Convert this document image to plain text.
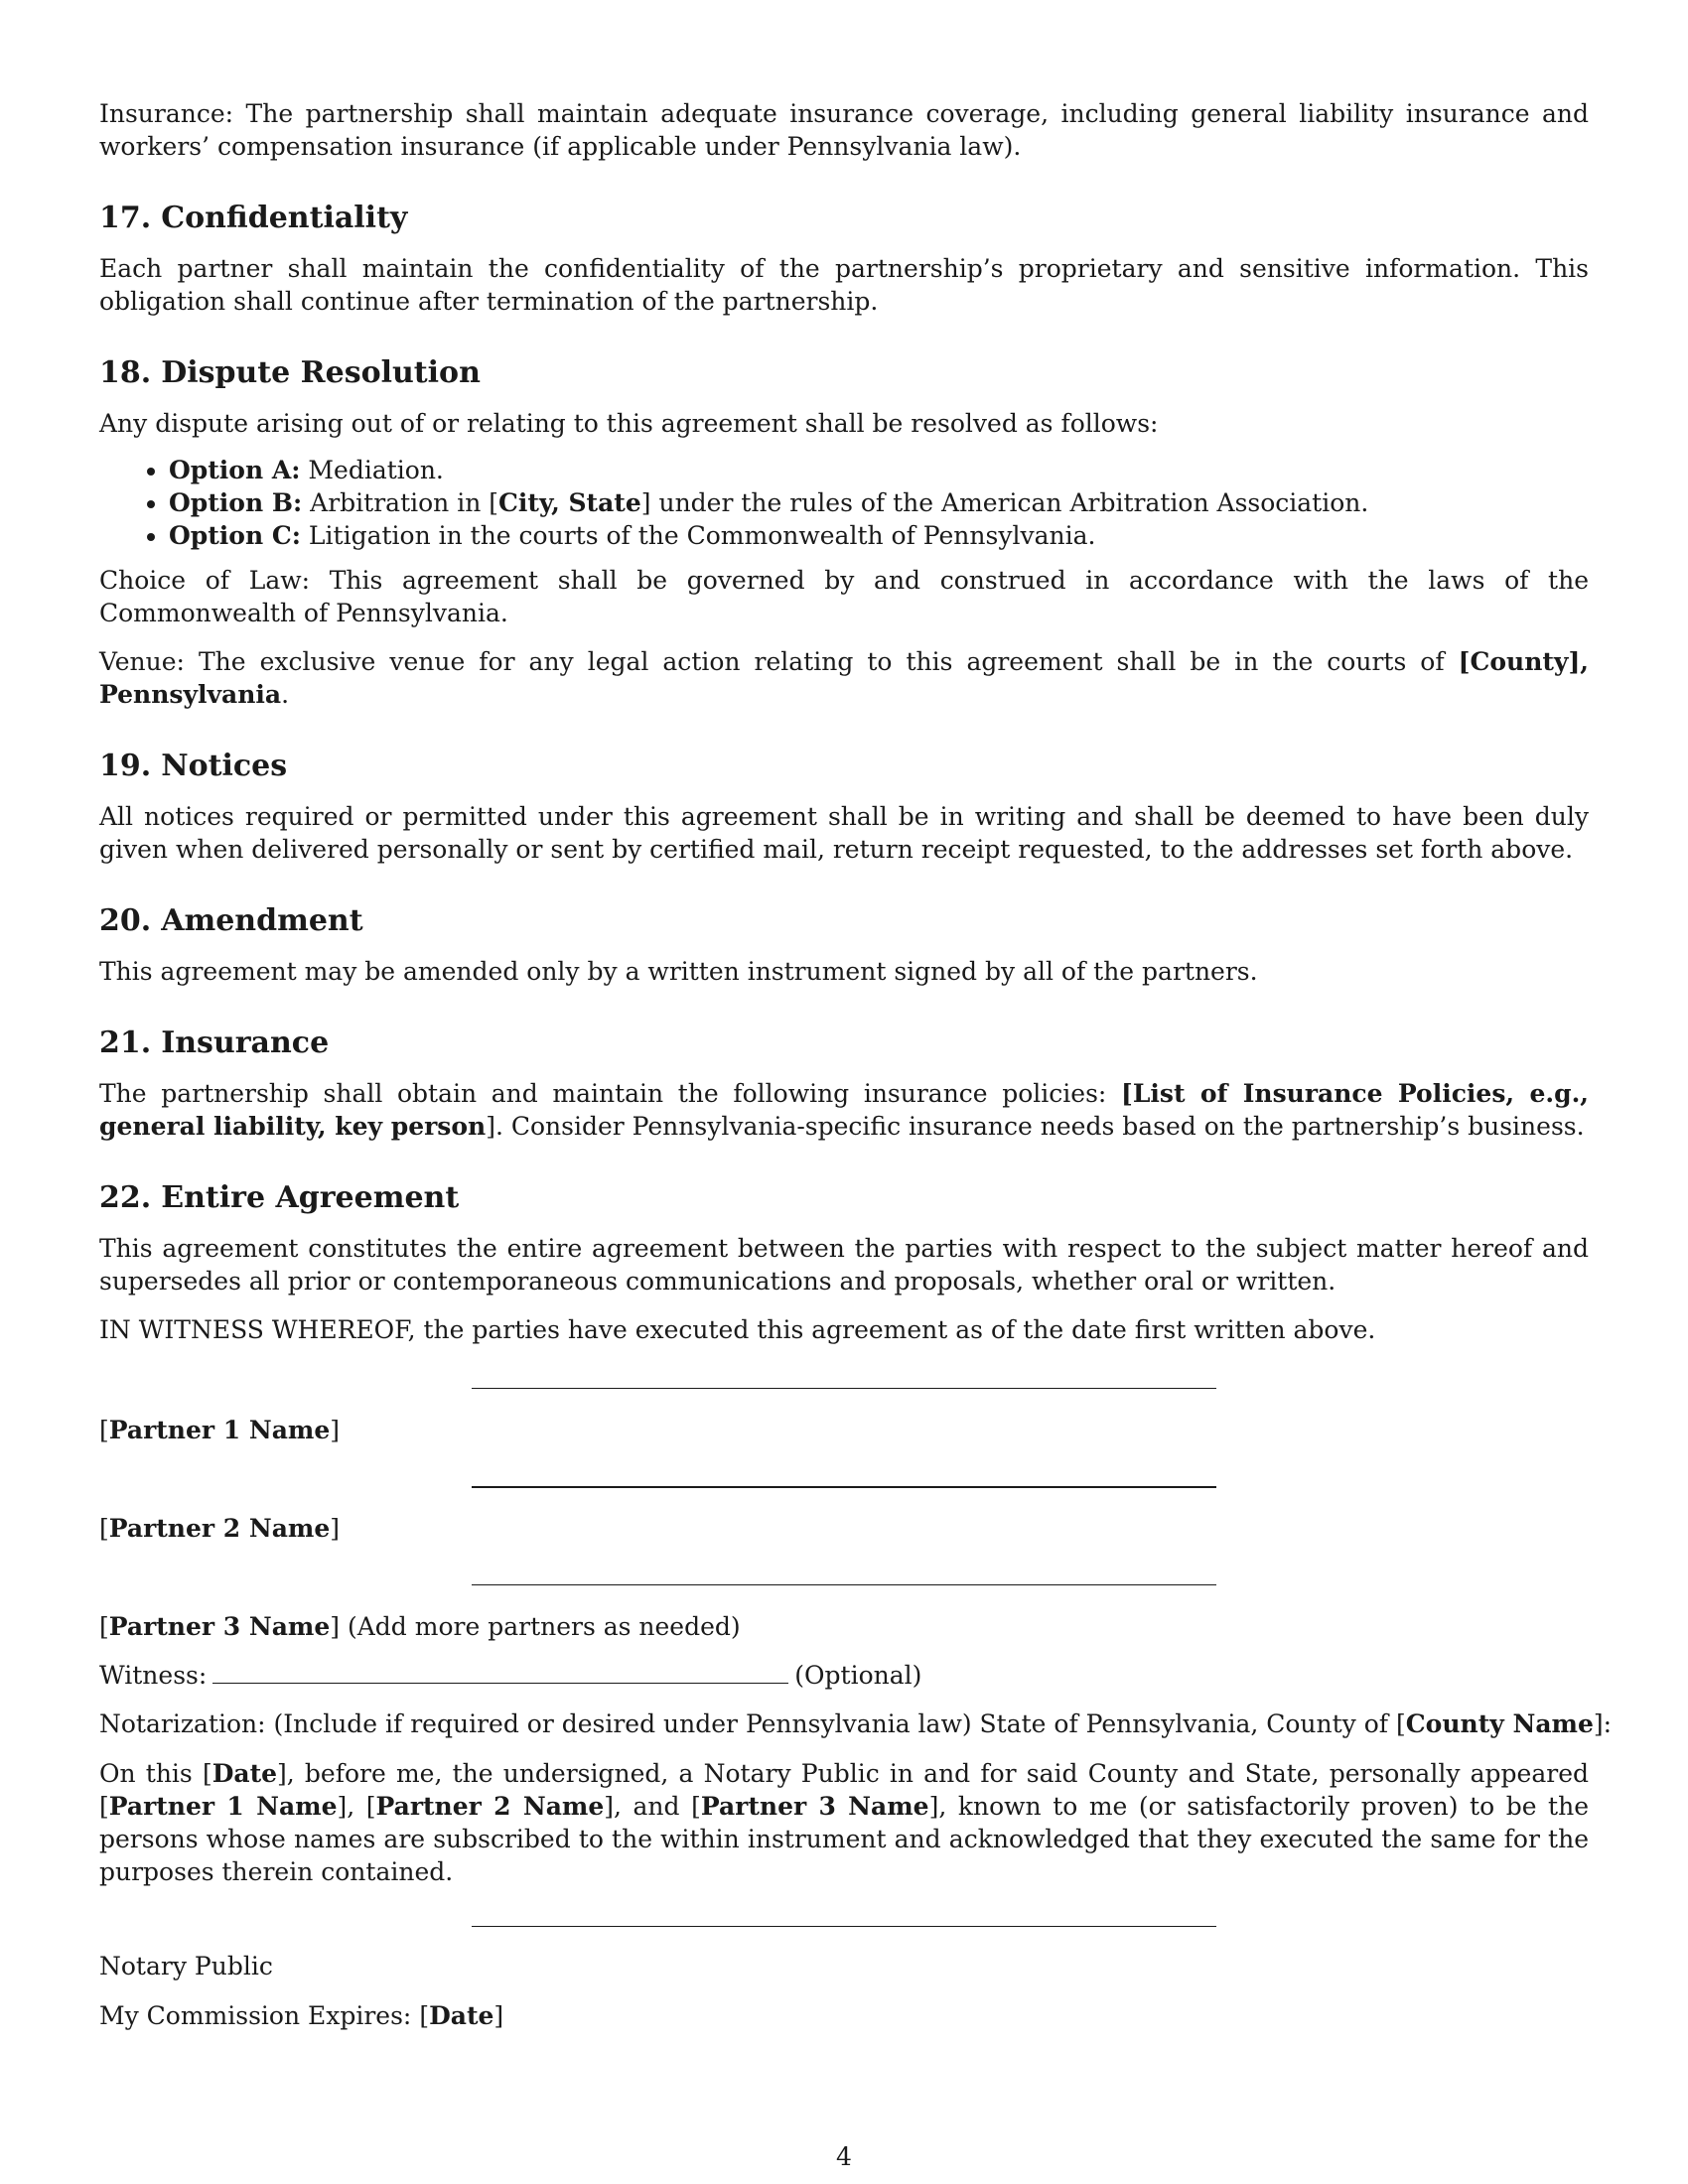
Insurance: The partnership shall maintain adequate insurance coverage, including general liability insurance and workers’ compensation insurance (if applicable under Pennsylvania law).

17. Confidentiality

Each partner shall maintain the confidentiality of the partnership’s proprietary and sensitive information. This obligation shall continue after termination of the partnership.

18. Dispute Resolution

Any dispute arising out of or relating to this agreement shall be resolved as follows:

• Option A: Mediation.
• Option B: Arbitration in [City, State] under the rules of the American Arbitration Association.
• Option C: Litigation in the courts of the Commonwealth of Pennsylvania.

Choice of Law: This agreement shall be governed by and construed in accordance with the laws of the Commonwealth of Pennsylvania.

Venue: The exclusive venue for any legal action relating to this agreement shall be in the courts of [County], Pennsylvania.

19. Notices

All notices required or permitted under this agreement shall be in writing and shall be deemed to have been duly given when delivered personally or sent by certified mail, return receipt requested, to the addresses set forth above.

20. Amendment

This agreement may be amended only by a written instrument signed by all of the partners.

21. Insurance

The partnership shall obtain and maintain the following insurance policies: [List of Insurance Policies, e.g., general liability, key person]. Consider Pennsylvania-specific insurance needs based on the partnership’s business.

22. Entire Agreement

This agreement constitutes the entire agreement between the parties with respect to the subject matter hereof and supersedes all prior or contemporaneous communications and proposals, whether oral or written.

IN WITNESS WHEREOF, the parties have executed this agreement as of the date first written above.

[Partner 1 Name]
[Partner 2 Name]
[Partner 3 Name] (Add more partners as needed)
Witness:	(Optional)
Notarization: (Include if required or desired under Pennsylvania law) State of Pennsylvania, County of [County Name]:

On this [Date], before me, the undersigned, a Notary Public in and for said County and State, personally appeared [Partner 1 Name], [Partner 2 Name], and [Partner 3 Name], known to me (or satisfactorily proven) to be the persons whose names are subscribed to the within instrument and acknowledged that they executed the same for the purposes therein contained.

Notary Public
My Commission Expires: [Date]
4
